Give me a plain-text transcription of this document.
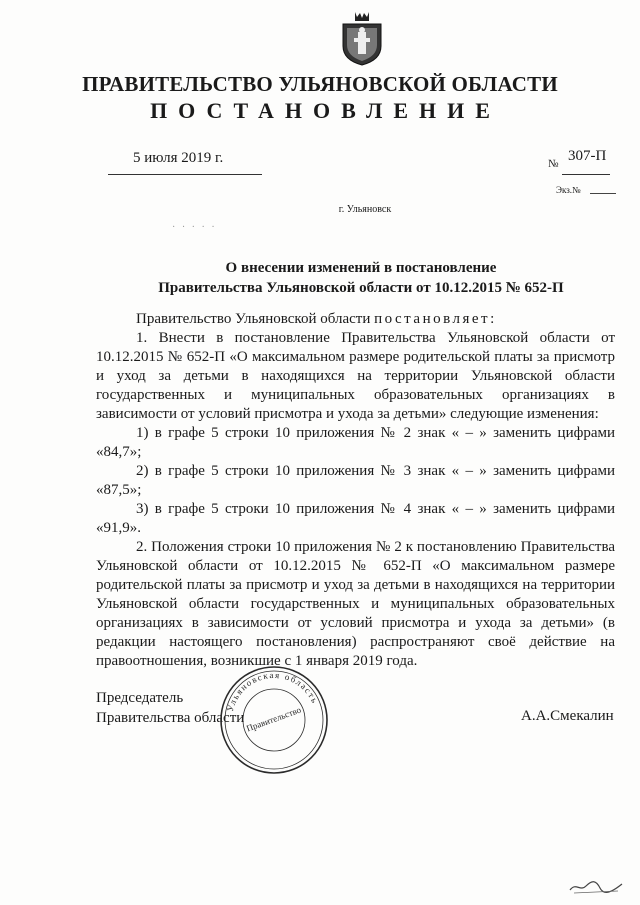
ПРАВИТЕЛЬСТВО УЛЬЯНОВСКОЙ ОБЛАСТИ
ПОСТАНОВЛЕНИЕ
5 июля 2019 г.	№ 307-П
Экз.№
г. Ульяновск
· · · · ·
О внесении изменений в постановление
Правительства Ульяновской области от 10.12.2015 № 652-П

Правительство Ульяновской области постановляет:

1. Внести в постановление Правительства Ульяновской области от 10.12.2015 № 652-П «О максимальном размере родительской платы за присмотр и уход за детьми в находящихся на территории Ульяновской области государственных и муниципальных образовательных организациях в зависимости от условий присмотра и ухода за детьми» следующие изменения:

1) в графе 5 строки 10 приложения № 2 знак « – » заменить цифрами «84,7»;

2) в графе 5 строки 10 приложения № 3 знак « – » заменить цифрами «87,5»;

3) в графе 5 строки 10 приложения № 4 знак « – » заменить цифрами «91,9».

2. Положения строки 10 приложения № 2 к постановлению Правительства Ульяновской области от 10.12.2015 № 652-П «О максимальном размере родительской платы за присмотр и уход за детьми в находящихся на территории Ульяновской области государственных и муниципальных образовательных организациях в зависимости от условий присмотра и ухода за детьми» (в редакции настоящего постановления) распространяют своё действие на правоотношения, возникшие с 1 января 2019 года.

Председатель

Правительства области

Ульяновская область
Правительство	А.А.Смекалин
